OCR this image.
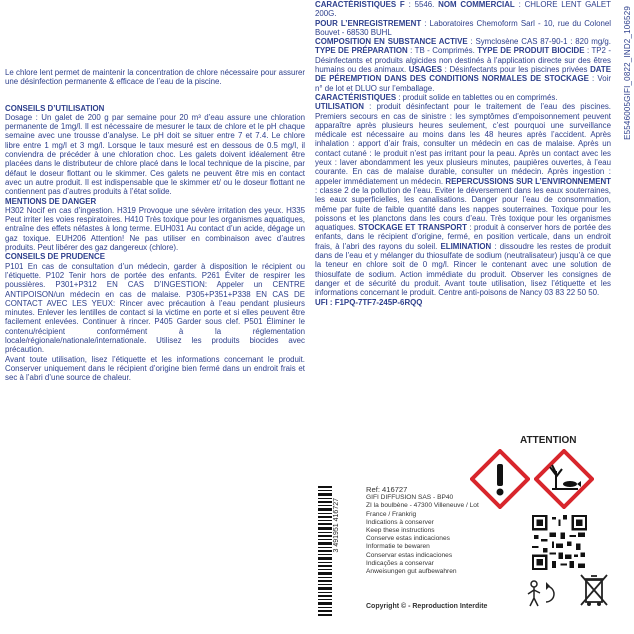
Le chlore lent permet de maintenir la concentration de chlore nécessaire pour assurer une désinfection permanente & efficace de l’eau de la piscine.

CONSEILS D’UTILISATION

Dosage : Un galet de 200 g par semaine pour 20 m³ d’eau assure une chloration permanente de 1mg/l. Il est nécessaire de mesurer le taux de chlore et le pH chaque semaine avec une trousse d’analyse. Le pH doit se situer entre 7 et 7.4. Le chlore libre entre 1 mg/l et 3 mg/l. Lorsque le taux mesuré est en dessous de 0.5 mg/l, il conviendra de précéder à une chloration choc. Les galets doivent idéalement être placées dans le distributeur de chlore placé dans le local technique de la piscine, par défaut le doseur flottant ou le skimmer. Ces galets ne peuvent être mis en contact avec un autre produit. Il est indispensable que le skimmer et/ ou le doseur flottant ne contiennent pas d’autres produits à l’état solide.

MENTIONS DE DANGER

H302 Nocif en cas d’ingestion. H319 Provoque une sévère irritation des yeux. H335 Peut irriter les voies respiratoires. H410 Très toxique pour les organismes aquatiques, entraîne des effets néfastes à long terme. EUH031 Au contact d’un acide, dégage un gaz toxique. EUH206 Attention! Ne pas utiliser en combinaison avec d’autres produits. Peut libérer des gaz dangereux (chlore).

CONSEILS DE PRUDENCE

P101 En cas de consultation d’un médecin, garder à disposition le récipient ou l’étiquette. P102 Tenir hors de portée des enfants. P261 Éviter de respirer les poussières. P301+P312 EN CAS D’INGESTION: Appeler un CENTRE ANTIPOISON/un médecin en cas de malaise. P305+P351+P338 EN CAS DE CONTACT AVEC LES YEUX: Rincer avec précaution à l’eau pendant plusieurs minutes. Enlever les lentilles de contact si la victime en porte et si elles peuvent être facilement enlevées. Continuer à rincer. P405 Garder sous clef. P501 Éliminer le contenu/récipient conformément à la réglementation locale/régionale/nationale/internationale. Utilisez les produits biocides avec précaution.

Avant toute utilisation, lisez l’étiquette et les informations concernant le produit. Conserver uniquement dans le récipient d’origine bien fermé dans un endroit frais et sec à l’abri d’une source de chaleur.

CARACTÉRISTIQUES F : 5546. NOM COMMERCIAL : CHLORE LENT GALET 200G.

POUR L’ENREGISTREMENT : Laboratoires Chemoform Sarl - 10, rue du Colonel Bouvet - 68530 BUHL

COMPOSITION EN SUBSTANCE ACTIVE : Symclosène CAS 87-90-1 : 820 mg/g. TYPE DE PRÉPARATION : TB - Comprimés. TYPE DE PRODUIT BIOCIDE : TP2 -Désinfectants et produits algicides non destinés à l’application directe sur des êtres humains ou des animaux. USAGES : Désinfectants pour les piscines privées DATE DE PÉREMPTION DANS DES CONDITIONS NORMALES DE STOCKAGE : Voir n° de lot et DLUO sur l’emballage.

CARACTÉRISTIQUES : produit solide en tablettes ou en comprimés.

UTILISATION : produit désinfectant pour le traitement de l’eau des piscines. Premiers secours en cas de sinistre : les symptômes d’empoisonnement peuvent apparaître après plusieurs heures seulement, c’est pourquoi une surveillance médicale est nécessaire au moins dans les 48 heures après l’accident. Après inhalation : apport d’air frais, consulter un médecin en cas de malaise. Après un contact cutané : le produit n’est pas irritant pour la peau. Après un contact avec les yeux : laver abondamment les yeux plusieurs minutes, paupières ouvertes, à l’eau courante. En cas de malaise durable, consulter un médecin. Après ingestion : appeler immédiatement un médecin. REPERCUSSIONS SUR L’ENVIRONNEMENT : classe 2 de la pollution de l’eau. Eviter le déversement dans les eaux souterraines, les eaux superficielles, les canalisations. Danger pour l’eau de consommation, même par fuite de faible quantité dans les nappes souterraines. Toxique pour les poissons et les planctons dans les cours d’eau. Très toxique pour les organismes aquatiques. STOCKAGE ET TRANSPORT : produit à conserver hors de portée des enfants, dans le récipient d’origine, fermé, en position verticale, dans un endroit frais, à l’abri des rayons du soleil. ELIMINATION : dissoudre les restes de produit dans de l’eau et y mélanger du thiosulfate de sodium (neutralisateur) jusqu’à ce que la teneur en chlore soit de 0 mg/l. Rincer le contenant avec une solution de thiosulfate de sodium. Action immédiate du produit. Observer les consignes de danger et de sécurité du produit. Avant toute utilisation, lisez l’étiquette et les informations concernant le produit. Centre anti-poisons de Nancy 03 83 22 50 50.

UFI : F1PQ-7TF7-245P-6RQQ

E5546005GIFI_0822_IND2_106529
ATTENTION
3 491951 416727
Ref: 416727
GIFI DIFFUSION SAS - BP40
ZI la boulbène - 47300 Villeneuve / Lot
France / Frankrig
Indications à conserver
Keep these instructions
Conserve estas indicaciones
Informatie te bewaren
Conservar estas indicaciones
Indicações a conservar
Anweisungen gut aufbewahren
Copyright © - Reproduction Interdite
